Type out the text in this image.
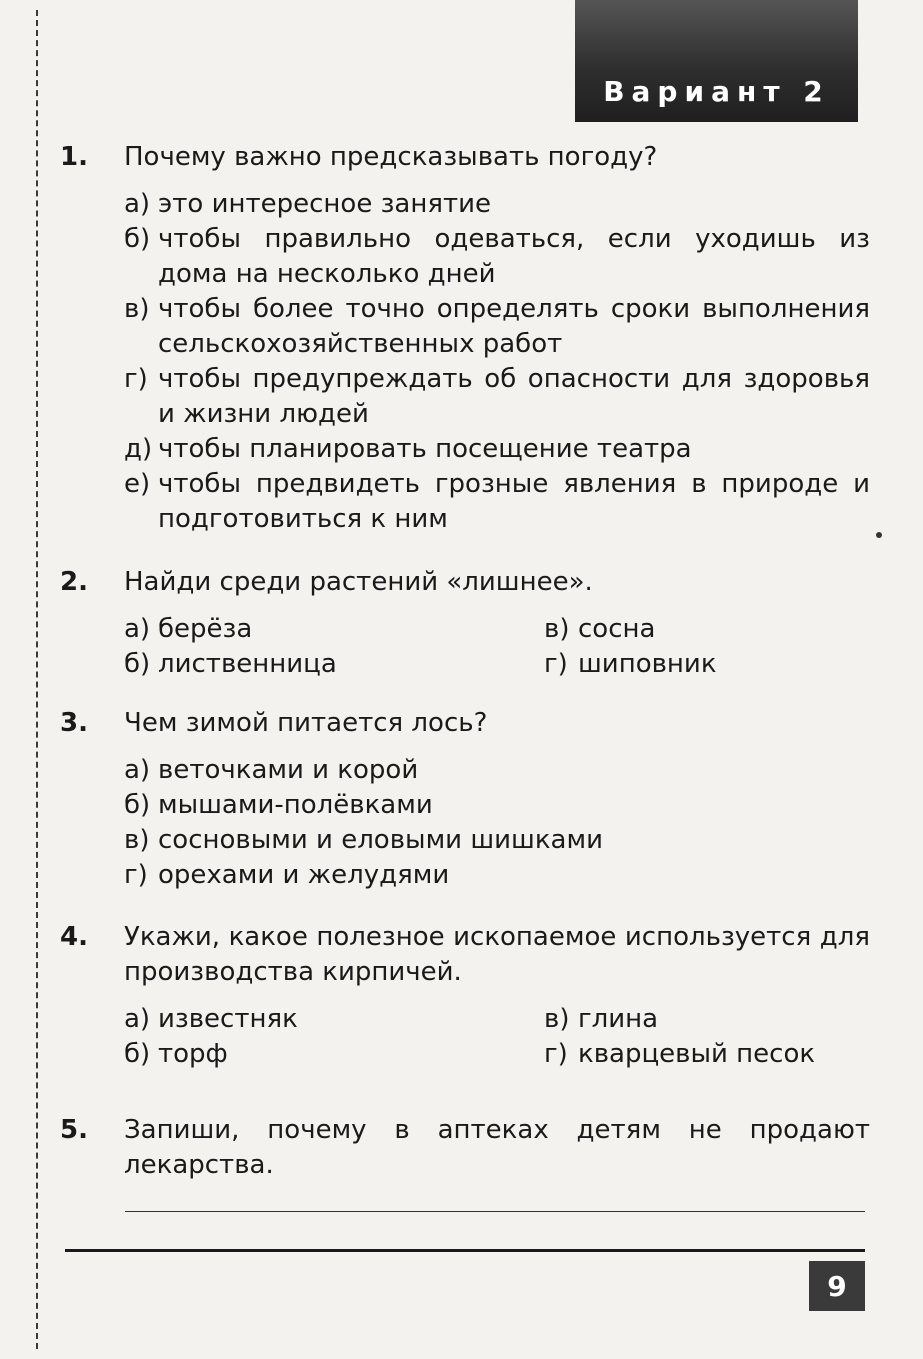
Вариант 2
1. Почему важно предсказывать погоду?
а) это интересное занятие
б) чтобы правильно одеваться, если уходишь из дома на несколько дней
в) чтобы более точно определять сроки выполнения сельскохозяйственных работ
г) чтобы предупреждать об опасности для здоровья и жизни людей
д) чтобы планировать посещение театра
е) чтобы предвидеть грозные явления в природе и подготовиться к ним
2. Найди среди растений «лишнее».
а) берёза	в) сосна
б) лиственница	г) шиповник
3. Чем зимой питается лось?
а) веточками и корой
б) мышами-полёвками
в) сосновыми и еловыми шишками
г) орехами и желудями
4. Укажи, какое полезное ископаемое используется для производства кирпичей.
а) известняк	в) глина
б) торф	г) кварцевый песок
5. Запиши, почему в аптеках детям не продают лекарства.
9
